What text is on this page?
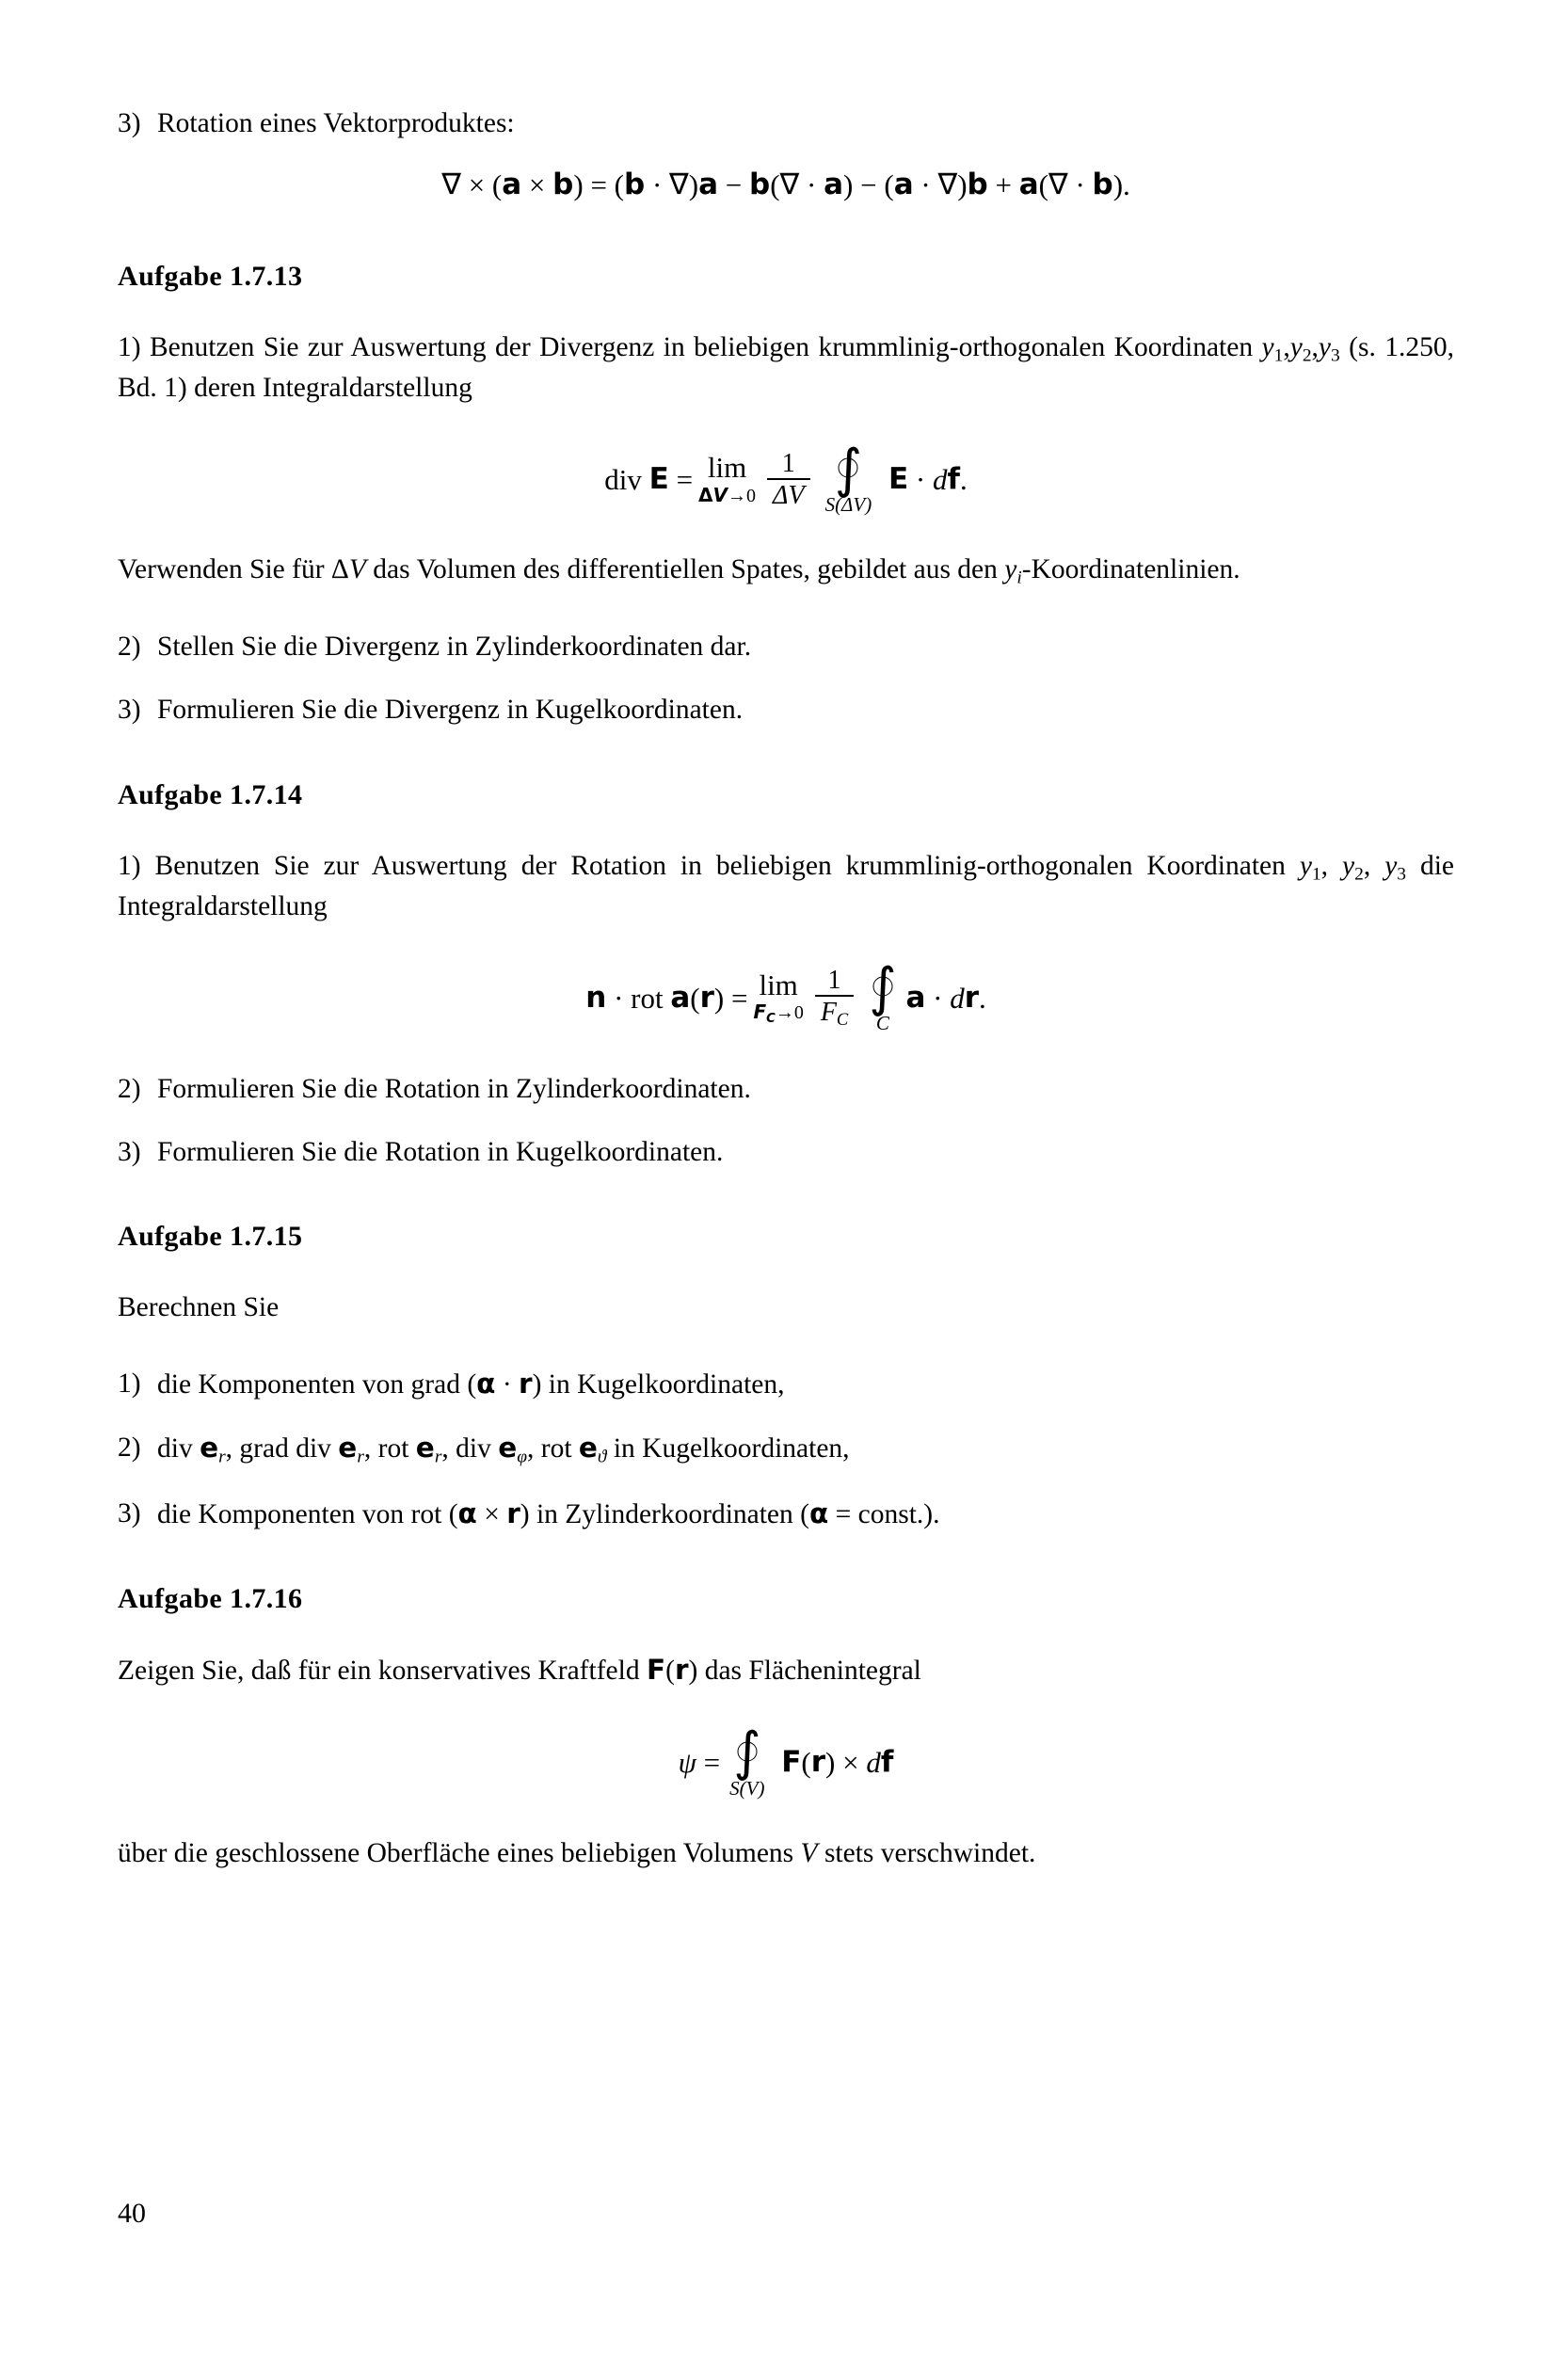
3) Rotation eines Vektorproduktes:
∇
×
( a
×
b )
=
( b
·
∇ ) a
−
b ( ∇
·
a )
−
( a
·
∇ ) b
+
a ( ∇
·
b ).
Aufgabe 1.7.13
1) Benutzen Sie zur Auswertung der Divergenz in beliebigen krummlinig-orthogonalen Koordinaten $y_1,y_2,y_3$ (s. 1.250, Bd. 1) deren Integraldarstellung
div
E
= lim
$\Delta V\to 0 \frac{1}{\Delta V}$ ∫
S(ΔV)

E
·
d f .
Verwenden Sie für ΔV das Volumen des differentiellen Spates, gebildet aus den $y_i$-Koordinatenlinien.
2) Stellen Sie die Divergenz in Zylinderkoordinaten dar.
3) Formulieren Sie die Divergenz in Kugelkoordinaten.
Aufgabe 1.7.14
1) Benutzen Sie zur Auswertung der Rotation in beliebigen krummlinig-orthogonalen Koordinaten $y_1$, $y_2$, $y_3$ die Integraldarstellung
n
·
rot
a ( r )
= lim
$F_C\to 0 \frac{1}{F_C}$ ∫
C
a
·
d r .
2) Formulieren Sie die Rotation in Zylinderkoordinaten.
3) Formulieren Sie die Rotation in Kugelkoordinaten.
Aufgabe 1.7.15
Berechnen Sie
1) die Komponenten von grad (α · r) in Kugelkoordinaten,
2) div $e_r$, grad div $e_r$, rot $e_r$, div $e_\varphi$, rot $e_ϑ$ in Kugelkoordinaten,
3) die Komponenten von rot (α × r) in Zylinderkoordinaten (α = const.).
Aufgabe 1.7.16
Zeigen Sie, daß für ein konservatives Kraftfeld F(r) das Flächenintegral
ψ
= ∫
S(V)

F ( r )
×
d f
über die geschlossene Oberfläche eines beliebigen Volumens V stets verschwindet.
40
